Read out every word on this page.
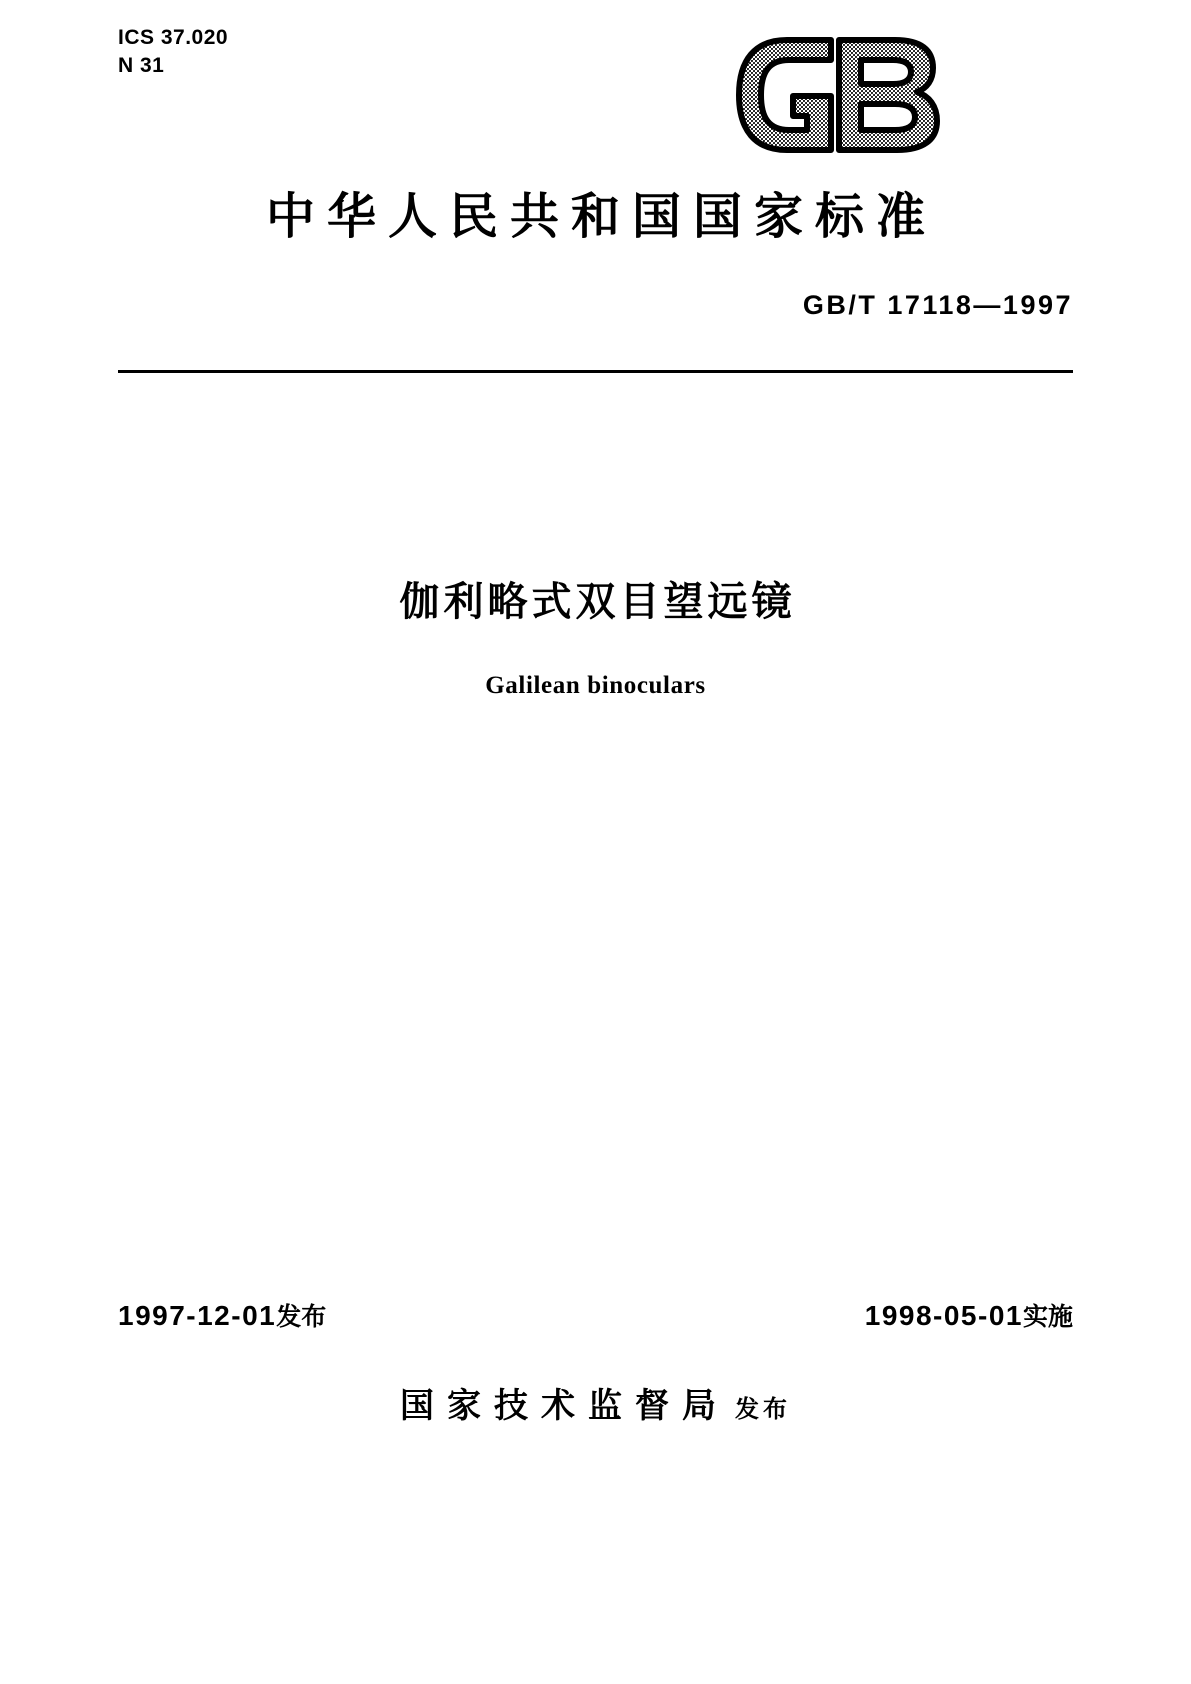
ICS 37.020
N 31
中华人民共和国国家标准
GB/T 17118—1997
伽利略式双目望远镜
Galilean binoculars
1997-12-01发布	1998-05-01实施
国家技术监督局 发布
